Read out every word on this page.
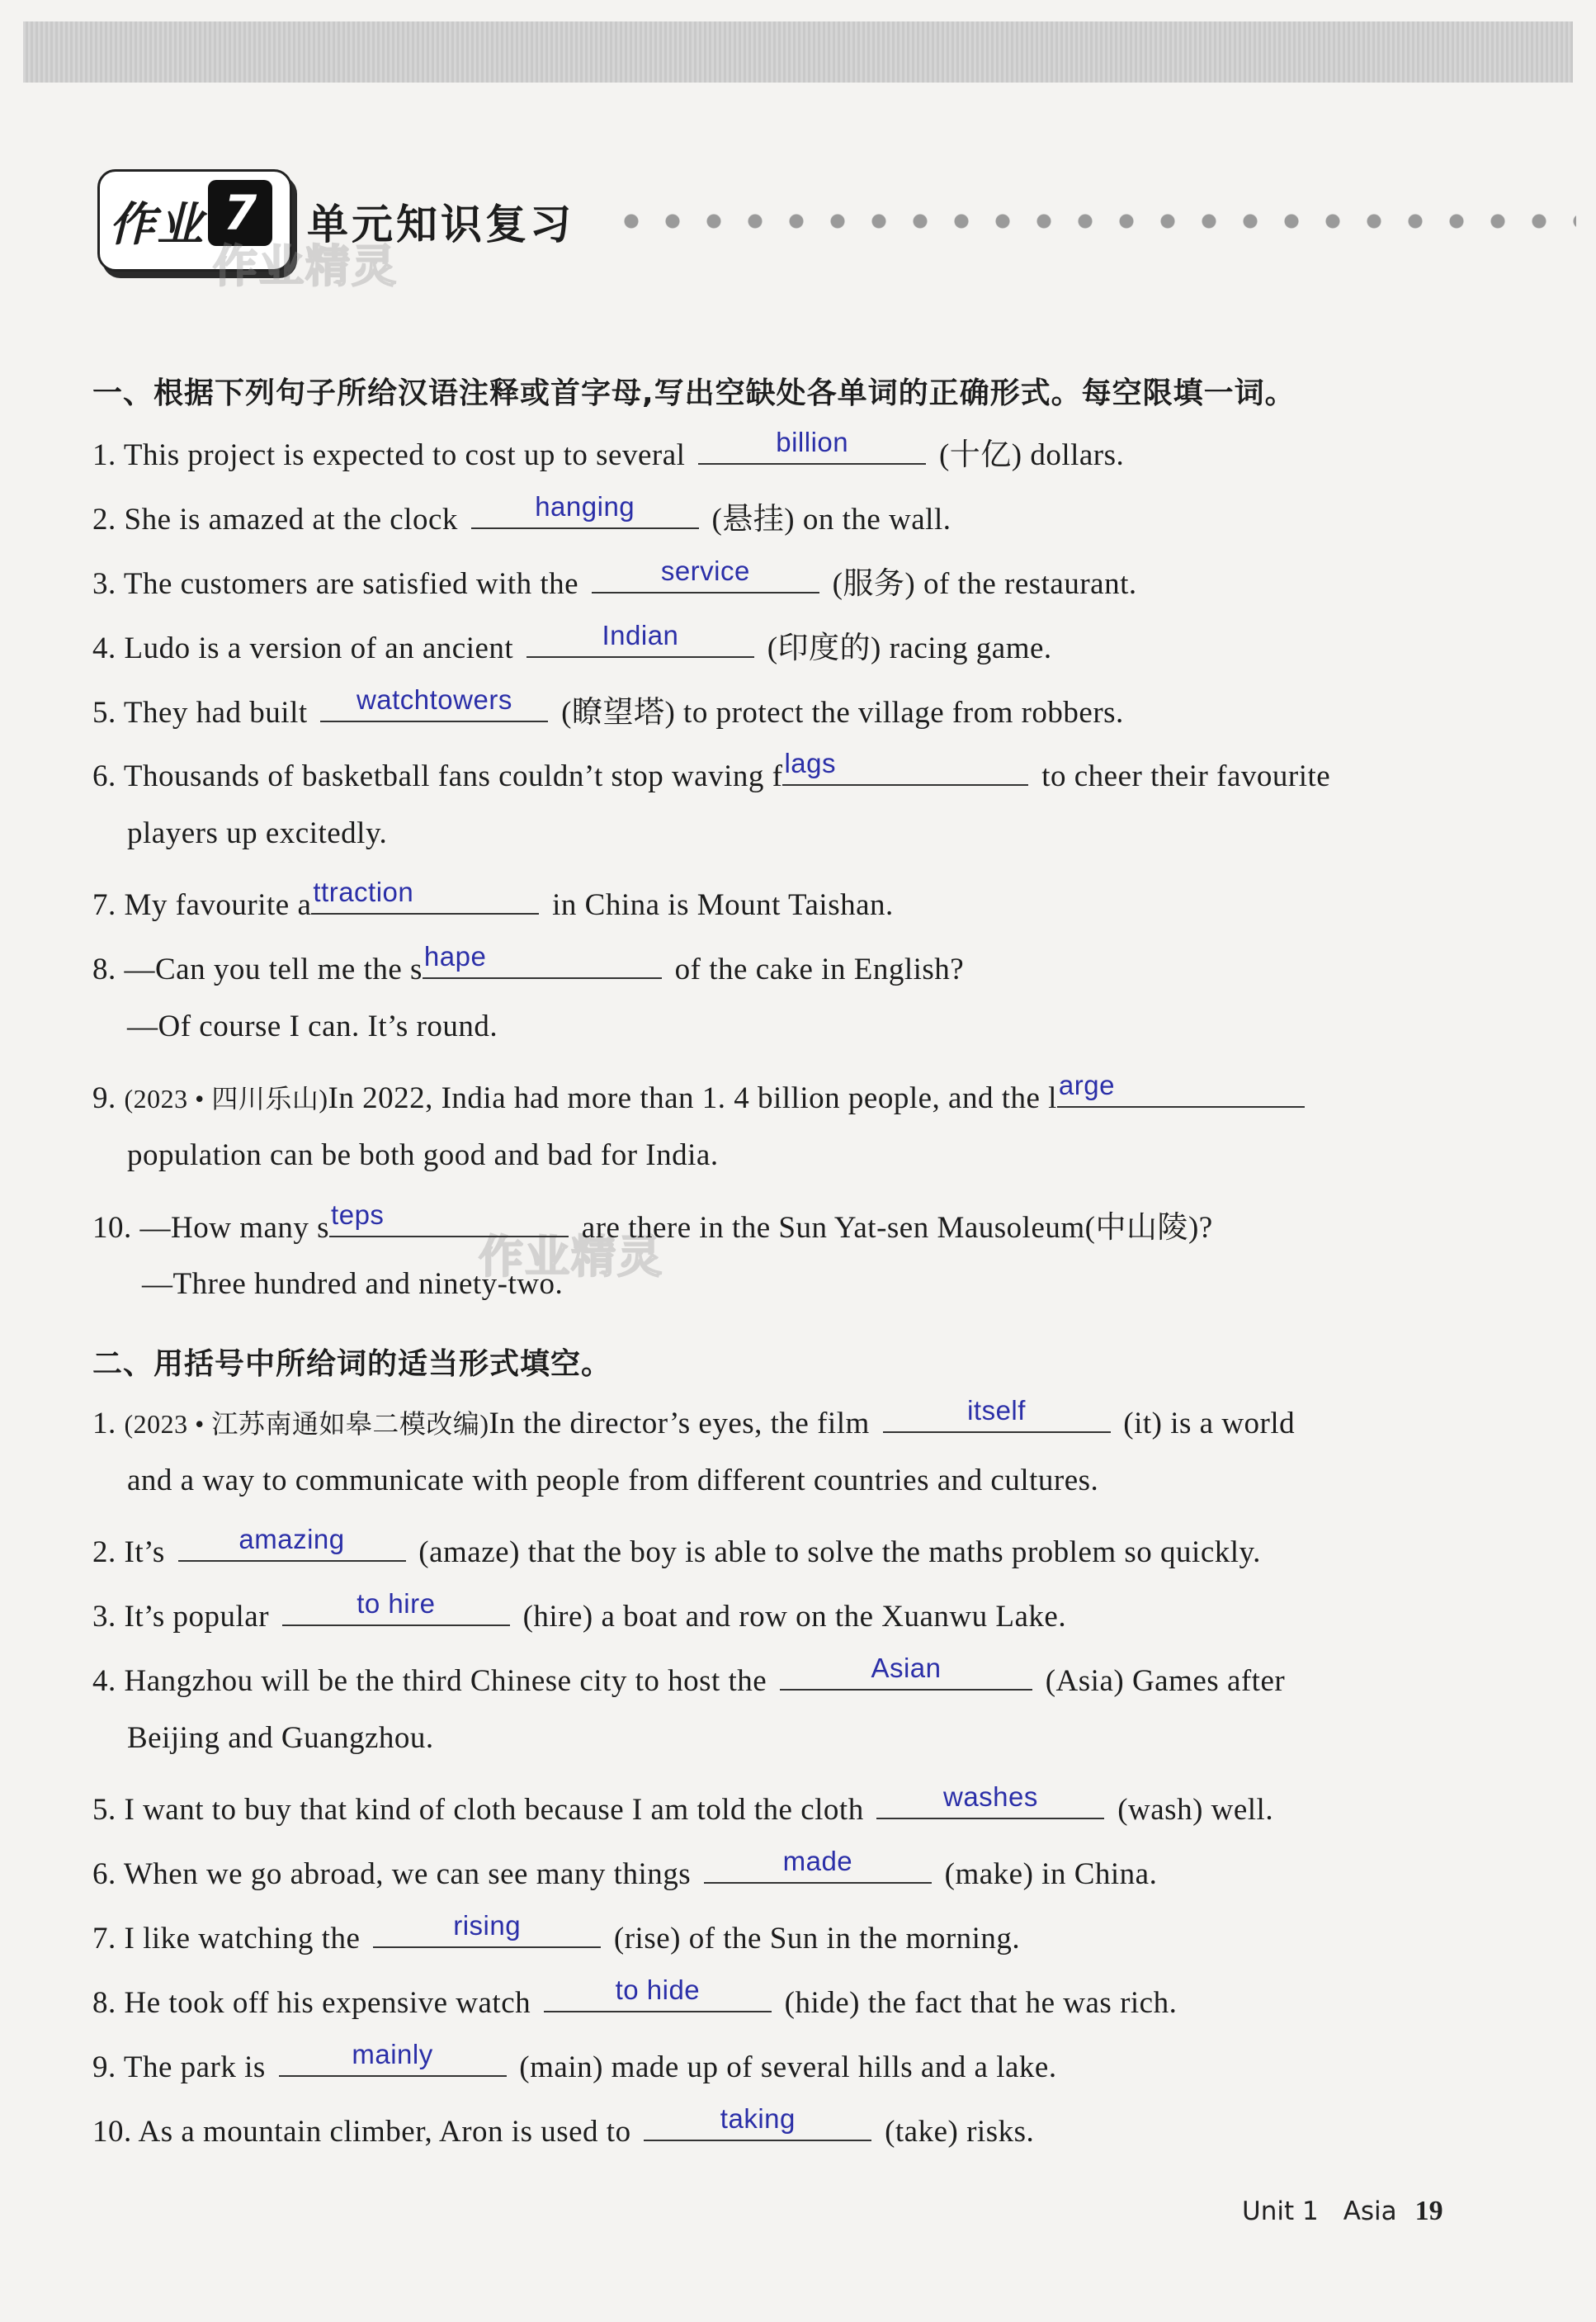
作业 7	单元知识复习
作业精灵
作业精灵
一、根据下列句子所给汉语注释或首字母,写出空缺处各单词的正确形式。每空限填一词。
1. This project is expected to cost up to several	billion	(十亿) dollars.
2. She is amazed at the clock	hanging	(悬挂) on the wall.
3. The customers are satisfied with the	service	(服务) of the restaurant.
4. Ludo is a version of an ancient	Indian	(印度的) racing game.
5. They had built	watchtowers	(瞭望塔) to protect the village from robbers.
6. Thousands of basketball fans couldn’t stop waving f lags	to cheer their favourite
players up excitedly.
7. My favourite a ttraction	in China is Mount Taishan.
8. —Can you tell me the s hape	of the cake in English?
—Of course I can. It’s round.
9. (2023 • 四川乐山)In 2022, India had more than 1. 4 billion people, and the l arge
population can be both good and bad for India.
10. —How many s teps	are there in the Sun Yat-sen Mausoleum(中山陵)?
—Three hundred and ninety-two.
二、用括号中所给词的适当形式填空。
1. (2023 • 江苏南通如皋二模改编)In the director’s eyes, the film	itself	(it) is a world
and a way to communicate with people from different countries and cultures.
2. It’s	amazing	(amaze) that the boy is able to solve the maths problem so quickly.
3. It’s popular	to hire	(hire) a boat and row on the Xuanwu Lake.
4. Hangzhou will be the third Chinese city to host the	Asian	(Asia) Games after
Beijing and Guangzhou.
5. I want to buy that kind of cloth because I am told the cloth	washes	(wash) well.
6. When we go abroad, we can see many things	made	(make) in China.
7. I like watching the	rising	(rise) of the Sun in the morning.
8. He took off his expensive watch	to hide	(hide) the fact that he was rich.
9. The park is	mainly	(main) made up of several hills and a lake.
10. As a mountain climber, Aron is used to	taking	(take) risks.
Unit 1 Asia 19
